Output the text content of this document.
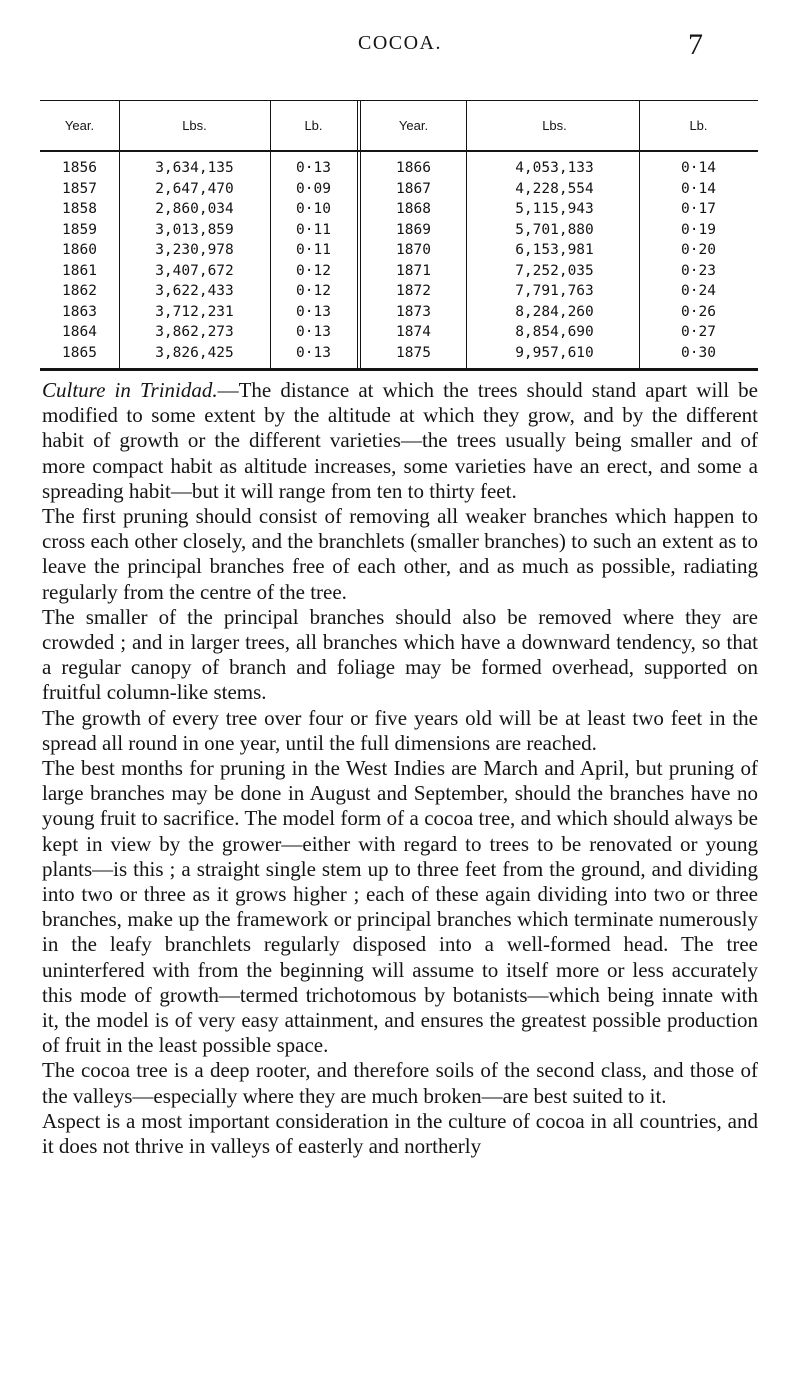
COCOA.	7
Year.	Lbs.	Lb.	Year.	Lbs.	Lb.

1856	3,634,135	0·13	1866	4,053,133	0·14
1857	2,647,470	0·09	1867	4,228,554	0·14
1858	2,860,034	0·10	1868	5,115,943	0·17
1859	3,013,859	0·11	1869	5,701,880	0·19
1860	3,230,978	0·11	1870	6,153,981	0·20
1861	3,407,672	0·12	1871	7,252,035	0·23
1862	3,622,433	0·12	1872	7,791,763	0·24
1863	3,712,231	0·13	1873	8,284,260	0·26
1864	3,862,273	0·13	1874	8,854,690	0·27
1865	3,826,425	0·13	1875	9,957,610	0·30

Culture in Trinidad.—The distance at which the trees should stand apart will be modified to some extent by the altitude at which they grow, and by the different habit of growth or the different varieties—the trees usually being smaller and of more compact habit as altitude increases, some varieties have an erect, and some a spreading habit—but it will range from ten to thirty feet.

The first pruning should consist of removing all weaker branches which happen to cross each other closely, and the branchlets (smaller branches) to such an extent as to leave the principal branches free of each other, and as much as possible, radiating regularly from the centre of the tree.

The smaller of the principal branches should also be removed where they are crowded ; and in larger trees, all branches which have a downward tendency, so that a regular canopy of branch and foliage may be formed overhead, supported on fruitful column-like stems.

The growth of every tree over four or five years old will be at least two feet in the spread all round in one year, until the full dimensions are reached.

The best months for pruning in the West Indies are March and April, but pruning of large branches may be done in August and September, should the branches have no young fruit to sacrifice. The model form of a cocoa tree, and which should always be kept in view by the grower—either with regard to trees to be renovated or young plants—is this ; a straight single stem up to three feet from the ground, and dividing into two or three as it grows higher ; each of these again dividing into two or three branches, make up the framework or principal branches which terminate numerously in the leafy branchlets regularly disposed into a well-formed head. The tree uninterfered with from the beginning will assume to itself more or less accurately this mode of growth—termed trichotomous by botanists—which being innate with it, the model is of very easy attainment, and ensures the greatest possible production of fruit in the least possible space.

The cocoa tree is a deep rooter, and therefore soils of the second class, and those of the valleys—especially where they are much broken—are best suited to it.

Aspect is a most important consideration in the culture of cocoa in all countries, and it does not thrive in valleys of easterly and northerly
